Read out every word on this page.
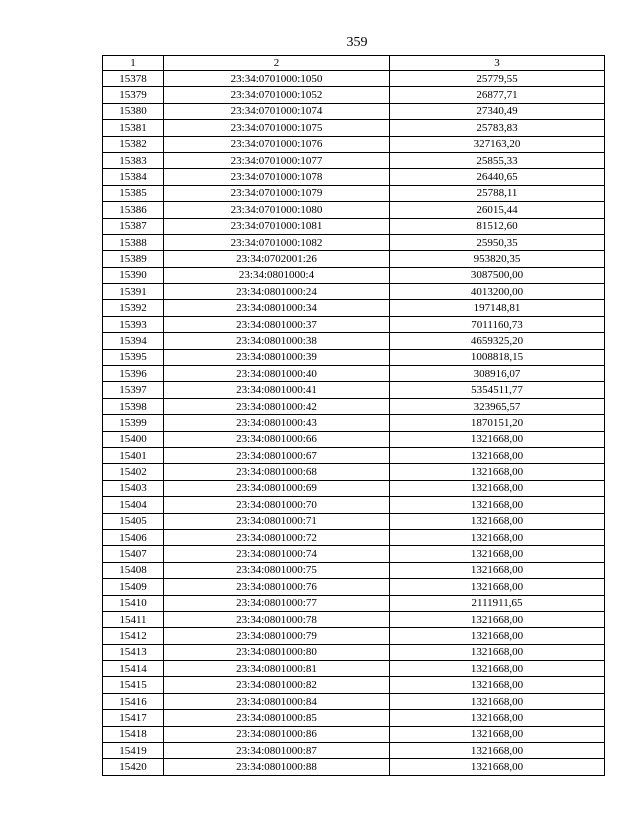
359
1	2	3
15378	23:34:0701000:1050	25779,55
15379	23:34:0701000:1052	26877,71
15380	23:34:0701000:1074	27340,49
15381	23:34:0701000:1075	25783,83
15382	23:34:0701000:1076	327163,20
15383	23:34:0701000:1077	25855,33
15384	23:34:0701000:1078	26440,65
15385	23:34:0701000:1079	25788,11
15386	23:34:0701000:1080	26015,44
15387	23:34:0701000:1081	81512,60
15388	23:34:0701000:1082	25950,35
15389	23:34:0702001:26	953820,35
15390	23:34:0801000:4	3087500,00
15391	23:34:0801000:24	4013200,00
15392	23:34:0801000:34	197148,81
15393	23:34:0801000:37	7011160,73
15394	23:34:0801000:38	4659325,20
15395	23:34:0801000:39	1008818,15
15396	23:34:0801000:40	308916,07
15397	23:34:0801000:41	5354511,77
15398	23:34:0801000:42	323965,57
15399	23:34:0801000:43	1870151,20
15400	23:34:0801000:66	1321668,00
15401	23:34:0801000:67	1321668,00
15402	23:34:0801000:68	1321668,00
15403	23:34:0801000:69	1321668,00
15404	23:34:0801000:70	1321668,00
15405	23:34:0801000:71	1321668,00
15406	23:34:0801000:72	1321668,00
15407	23:34:0801000:74	1321668,00
15408	23:34:0801000:75	1321668,00
15409	23:34:0801000:76	1321668,00
15410	23:34:0801000:77	2111911,65
15411	23:34:0801000:78	1321668,00
15412	23:34:0801000:79	1321668,00
15413	23:34:0801000:80	1321668,00
15414	23:34:0801000:81	1321668,00
15415	23:34:0801000:82	1321668,00
15416	23:34:0801000:84	1321668,00
15417	23:34:0801000:85	1321668,00
15418	23:34:0801000:86	1321668,00
15419	23:34:0801000:87	1321668,00
15420	23:34:0801000:88	1321668,00
